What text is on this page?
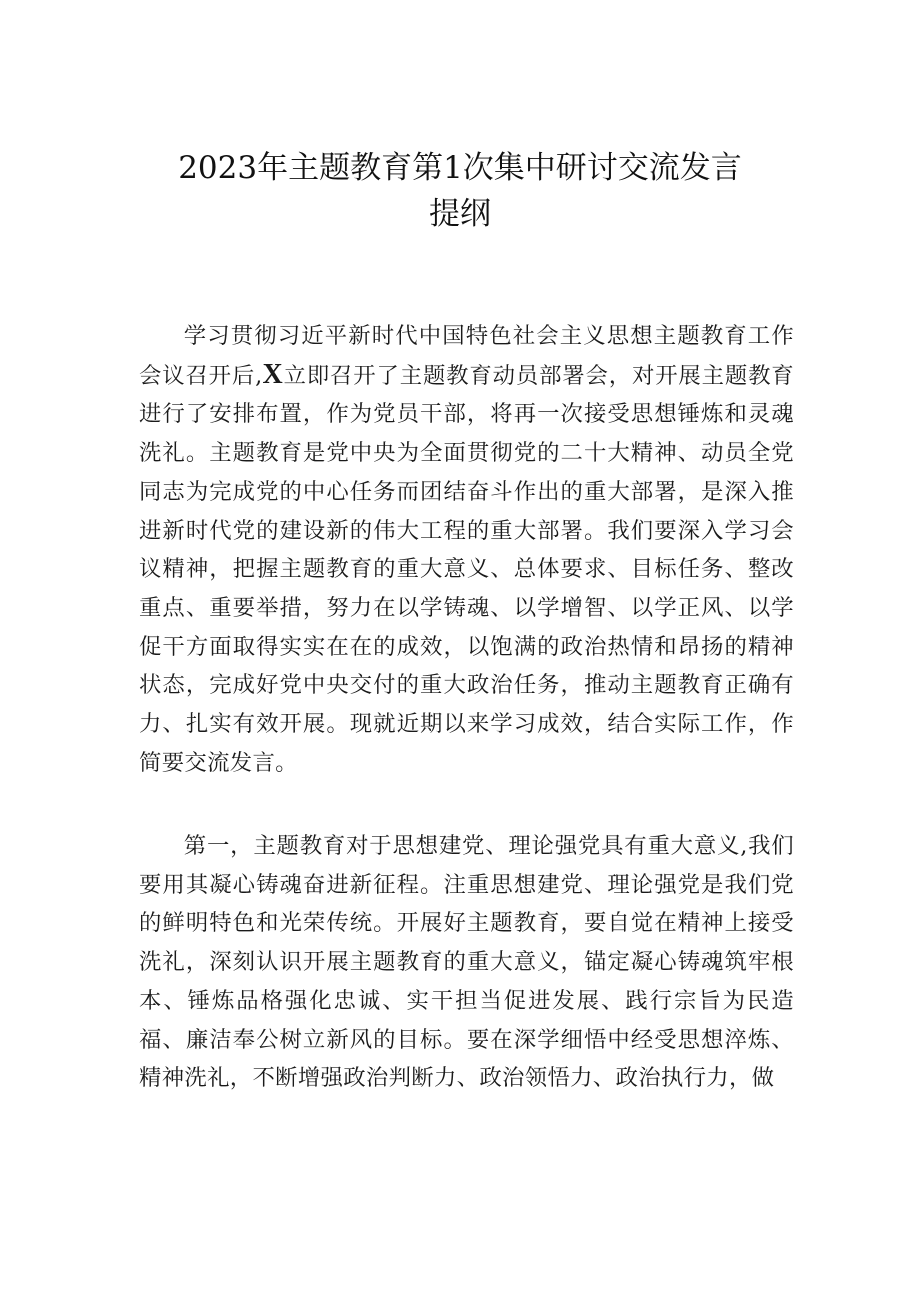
2023年主题教育第1次集中研讨交流发言
提纲

学习贯彻习近平新时代中国特色社会主义思想主题教育工作会议召开后,X立即召开了主题教育动员部署会，对开展主题教育进行了安排布置，作为党员干部，将再一次接受思想锤炼和灵魂洗礼。主题教育是党中央为全面贯彻党的二十大精神、动员全党同志为完成党的中心任务而团结奋斗作出的重大部署，是深入推进新时代党的建设新的伟大工程的重大部署。我们要深入学习会议精神，把握主题教育的重大意义、总体要求、目标任务、整改重点、重要举措，努力在以学铸魂、以学增智、以学正风、以学促干方面取得实实在在的成效，以饱满的政治热情和昂扬的精神状态，完成好党中央交付的重大政治任务，推动主题教育正确有力、扎实有效开展。现就近期以来学习成效，结合实际工作，作简要交流发言。

第一，主题教育对于思想建党、理论强党具有重大意义,我们要用其凝心铸魂奋进新征程。注重思想建党、理论强党是我们党的鲜明特色和光荣传统。开展好主题教育，要自觉在精神上接受洗礼，深刻认识开展主题教育的重大意义，锚定凝心铸魂筑牢根本、锤炼品格强化忠诚、实干担当促进发展、践行宗旨为民造福、廉洁奉公树立新风的目标。要在深学细悟中经受思想淬炼、精神洗礼，不断增强政治判断力、政治领悟力、政治执行力，做
